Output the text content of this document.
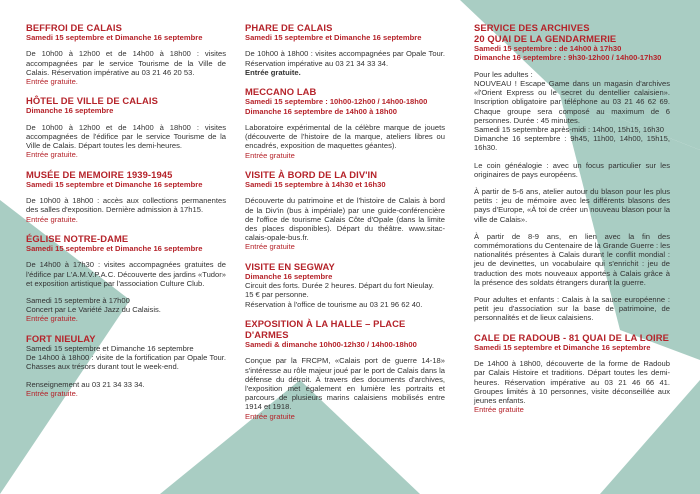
BEFFROI DE CALAIS
Samedi 15 septembre et Dimanche 16 septembre
De 10h00 à 12h00 et de 14h00 à 18h00 : visites accompagnées par le service Tourisme de la Ville de Calais. Réservation impérative au 03 21 46 20 53.
Entrée gratuite.
HÔTEL DE VILLE DE CALAIS
Dimanche 16 septembre
De 10h00 à 12h00 et de 14h00 à 18h00 : visites accompagnées de l'édifice par le service Tourisme de la Ville de Calais. Départ toutes les demi-heures.
Entrée gratuite.
MUSÉE DE MEMOIRE 1939-1945
Samedi 15 septembre et Dimanche 16 septembre
De 10h00 à 18h00 : accès aux collections permanentes des salles d'exposition. Dernière admission à 17h15.
Entrée gratuite.
ÉGLISE NOTRE-DAME
Samedi 15 septembre et Dimanche 16 septembre
De 14h00 à 17h30 : visites accompagnées gratuites de l'édifice par L'A.M.V.P.A.C. Découverte des jardins «Tudor» et exposition artistique par l'association Culture Club.
Samedi 15 septembre à 17h00
Concert par Le Variété Jazz du Calaisis.
Entrée gratuite.
FORT NIEULAY
Samedi 15 septembre et Dimanche 16 septembre
De 14h00 à 18h00 : visite de la fortification par Opale Tour. Chasses aux trésors durant tout le week-end.
Renseignement au 03 21 34 33 34.
Entrée gratuite.
PHARE DE CALAIS
Samedi 15 septembre et Dimanche 16 septembre
De 10h00 à 18h00 : visites accompagnées par Opale Tour. Réservation impérative au 03 21 34 33 34.
Entrée gratuite.
MECCANO LAB
Samedi 15 septembre : 10h00-12h00 / 14h00-18h00
Dimanche 16 septembre de 14h00 à 18h00
Laboratoire expérimental de la célèbre marque de jouets (découverte de l'histoire de la marque, ateliers libres ou encadrés, exposition de maquettes géantes).
Entrée gratuite
VISITE À BORD DE LA DIV'IN
Samedi 15 septembre à 14h30 et 16h30
Découverte du patrimoine et de l'histoire de Calais à bord de la Div'in (bus à impériale) par une guide-conférencière de l'office de tourisme Calais Côte d'Opale (dans la limite des places disponibles). Départ du théâtre. www.sitac-calais-opale-bus.fr.
Entrée gratuite
VISITE EN SEGWAY
Dimanche 16 septembre
Circuit des forts. Durée 2 heures. Départ du fort Nieulay.
15 € par personne.
Réservation à l'office de tourisme au 03 21 96 62 40.
EXPOSITION À LA HALLE – PLACE D'ARMES
Samedi & dimanche 10h00-12h30 / 14h00-18h00
Conçue par la FRCPM, «Calais port de guerre 14-18» s'intéresse au rôle majeur joué par le port de Calais dans la défense du détroit. À travers des documents d'archives, l'exposition met également en lumière les portraits et parcours de plusieurs marins calaisiens mobilisés entre 1914 et 1918.
Entrée gratuite
SERVICE DES ARCHIVES
20 QUAI DE LA GENDARMERIE
Samedi 15 septembre : de 14h00 à 17h30
Dimanche 16 septembre : 9h30-12h00 / 14h00-17h30

Pour les adultes :
NOUVEAU ! Escape Game dans un magasin d'archives «l'Orient Express ou le secret du dentellier calaisien». Inscription obligatoire par téléphone au 03 21 46 62 69. Chaque groupe sera composé au maximum de 6 personnes. Durée : 45 minutes.
Samedi 15 septembre après-midi : 14h00, 15h15, 16h30
Dimanche 16 septembre : 9h45, 11h00, 14h00, 15h15, 16h30.

Le coin généalogie : avec un focus particulier sur les originaires de pays européens.

À partir de 5-6 ans, atelier autour du blason pour les plus petits : jeu de mémoire avec les différents blasons des pays d'Europe, «À toi de créer un nouveau blason pour la ville de Calais».

À partir de 8-9 ans, en lien avec la fin des commémorations du Centenaire de la Grande Guerre : les nationalités présentes à Calais durant le conflit mondial : jeu de devinettes, un vocabulaire qui s'enrichit : jeu de traduction des mots nouveaux apportés à Calais grâce à la présence des soldats étrangers durant la guerre.

Pour adultes et enfants : Calais à la sauce européenne : petit jeu d'association sur la base de patrimoine, de personnalités et de lieux calaisiens.

CALE DE RADOUB - 81 QUAI DE LA LOIRE
Samedi 15 septembre et Dimanche 16 septembre
De 14h00 à 18h00, découverte de la forme de Radoub par Calais Histoire et traditions. Départ toutes les demi-heures. Réservation impérative au 03 21 46 66 41. Groupes limités à 10 personnes, visite déconseillée aux jeunes enfants.
Entrée gratuite
